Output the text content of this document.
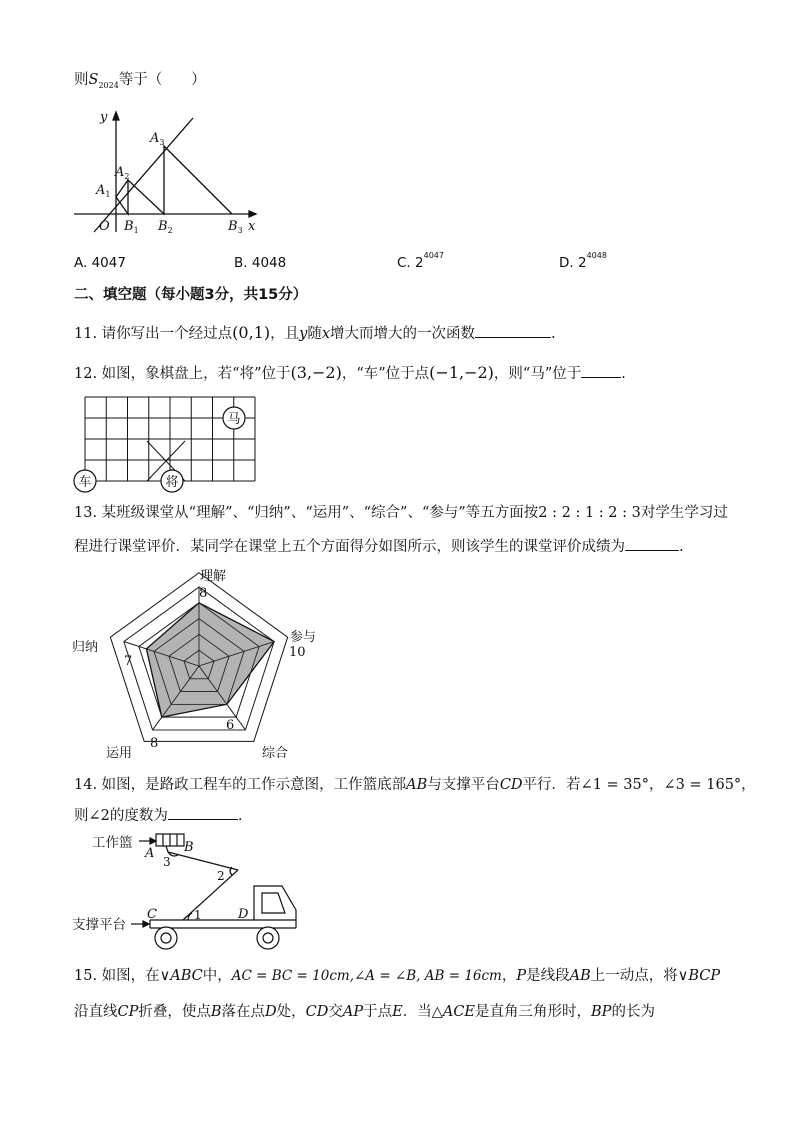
则$S_{2024}$等于（　　）
y
x
O
$A_1$
$A_2$
$A_3$
$B_1$ $B_2$	$B_3$
A. 4047	B. 4048	C. $2^{4047}$	D. $2^{4048}$
二、填空题（每小题3分，共15分）
11. 请你写出一个经过点(0,1)，且y随x增大而增大的一次函数	.
12. 如图，象棋盘上，若“将”位于(3,−2)，“车”位于点(−1,−2)，则“马”位于	.
马
车	将
13. 某班级课堂从“理解”、“归纳”、“运用”、“综合”、“参与”等五方面按2 : 2 : 1 : 2 : 3对学生学习过
程进行课堂评价．某同学在课堂上五个方面得分如图所示，则该学生的课堂评价成绩为	.
理解
参与
综合
运用
归纳
8
10
6
8
7
14. 如图，是路政工程车的工作示意图，工作篮底部AB与支撑平台CD平行．若∠1 = 35°，∠3 = 165°，
则∠2的度数为	.
工作篮
支撑平台
A B
C	D
3
2
1
15. 如图，在∨ABC中，AC = BC = 10cm,∠A = ∠B, AB = 16cm，P是线段AB上一动点，将∨BCP
沿直线CP折叠，使点B落在点D处，CD交AP于点E．当△ACE是直角三角形时，BP的长为
